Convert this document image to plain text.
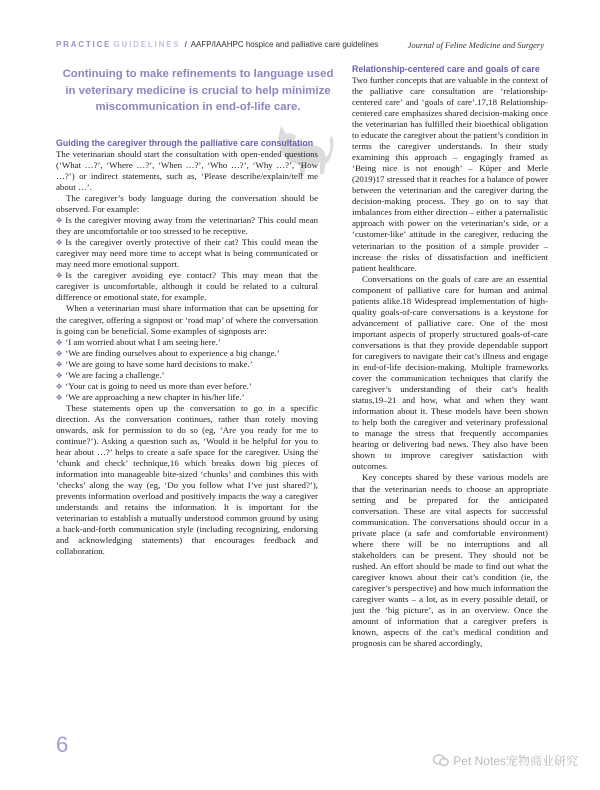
PRACTICE GUIDELINES / AAFP/IAAHPC hospice and palliative care guidelines	Journal of Feline Medicine and Surgery
Continuing to make refinements to language used in veterinary medicine is crucial to help minimize miscommunication in end-of-life care.

Guiding the caregiver through the palliative care consultation

The veterinarian should start the consultation with open-ended questions (‘What …?’, ‘Where …?’, ‘When …?’, ‘Who …?’, ‘Why …?’, ‘How …?’) or indirect statements, such as, ‘Please describe/explain/tell me about …’.

The caregiver’s body language during the conversation should be observed. For example:

✥ Is the caregiver moving away from the veterinarian? This could mean they are uncomfortable or too stressed to be receptive.

✥ Is the caregiver overtly protective of their cat? This could mean the caregiver may need more time to accept what is being communicated or may need more emotional support.

✥ Is the caregiver avoiding eye contact? This may mean that the caregiver is uncomfortable, although it could be related to a cultural difference or emotional state, for example.

When a veterinarian must share information that can be upsetting for the caregiver, offering a signpost or ‘road map’ of where the conversation is going can be beneficial. Some examples of signposts are:

✥ ‘I am worried about what I am seeing here.’

✥ ‘We are finding ourselves about to experience a big change.’

✥ ‘We are going to have some hard decisions to make.’

✥ ‘We are facing a challenge.’

✥ ‘Your cat is going to need us more than ever before.’

✥ ‘We are approaching a new chapter in his/her life.’

These statements open up the conversation to go in a specific direction. As the conversation continues, rather than rotely moving onwards, ask for permission to do so (eg, ‘Are you ready for me to continue?’). Asking a question such as, ‘Would it be helpful for you to hear about …?’ helps to create a safe space for the caregiver. Using the ‘chunk and check’ technique,16 which breaks down big pieces of information into manageable bite-sized ‘chunks’ and combines this with ‘checks’ along the way (eg, ‘Do you follow what I’ve just shared?’), prevents information overload and positively impacts the way a caregiver understands and retains the information. It is important for the veterinarian to establish a mutually understood common ground by using a back-and-forth communication style (including recognizing, endorsing and acknowledging statements) that encourages feedback and collaboration.

Relationship-centered care and goals of care

Two further concepts that are valuable in the context of the palliative care consultation are ‘relationship-centered care’ and ‘goals of care’.17,18 Relationship-centered care emphasizes shared decision-making once the veterinarian has fulfilled their bioethical obligation to educate the caregiver about the patient’s condition in terms the caregiver understands. In their study examining this approach – engagingly framed as ‘Being nice is not enough’ – Küper and Merle (2019)17 stressed that it reaches for a balance of power between the veterinarian and the caregiver during the decision-making process. They go on to say that imbalances from either direction – either a paternalistic approach with power on the veterinarian’s side, or a ‘customer-like’ attitude in the caregiver, reducing the veterinarian to the position of a simple provider – increase the risks of dissatisfaction and inefficient patient healthcare.

Conversations on the goals of care are an essential component of palliative care for human and animal patients alike.18 Widespread implementation of high-quality goals-of-care conversations is a keystone for advancement of palliative care. One of the most important aspects of properly structured goals-of-care conversations is that they provide dependable support for caregivers to navigate their cat’s illness and engage in end-of-life decision-making. Multiple frameworks cover the communication techniques that clarify the caregiver’s understanding of their cat’s health status,19–21 and how, what and when they want information about it. These models have been shown to help both the caregiver and veterinary professional to manage the stress that frequently accompanies hearing or delivering bad news. They also have been shown to improve caregiver satisfaction with outcomes.

Key concepts shared by these various models are that the veterinarian needs to choose an appropriate setting and be prepared for the anticipated conversation. These are vital aspects for successful communication. The conversations should occur in a private place (a safe and comfortable environment) where there will be no interruptions and all stakeholders can be present. They should not be rushed. An effort should be made to find out what the caregiver knows about their cat’s condition (ie, the caregiver’s perspective) and how much information the caregiver wants – a lot, as in every possible detail, or just the ‘big picture’, as in an overview. Once the amount of information that a caregiver prefers is known, aspects of the cat’s medical condition and prognosis can be shared accordingly,

6
Pet Notes宠物商业研究
